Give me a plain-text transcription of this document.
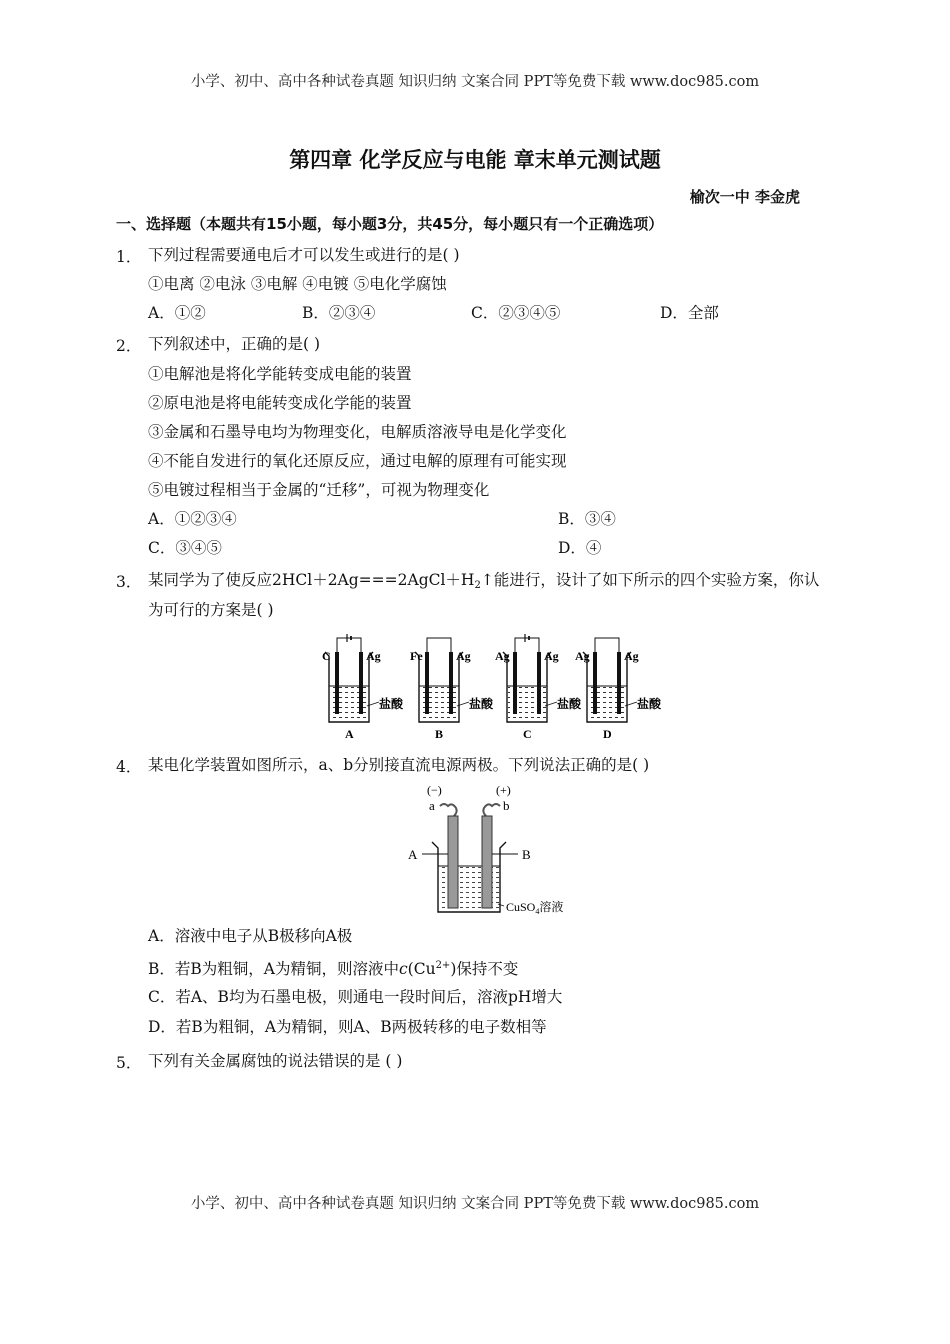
小学、初中、高中各种试卷真题 知识归纳 文案合同 PPT等免费下载 www.doc985.com
第四章 化学反应与电能 章末单元测试题
榆次一中 李金虎
一、选择题（本题共有15小题，每小题3分，共45分，每小题只有一个正确选项）
1． 下列过程需要通电后才可以发生或进行的是( )
①电离 ②电泳 ③电解 ④电镀 ⑤电化学腐蚀
A．①②	B．②③④	C．②③④⑤	D．全部
2． 下列叙述中，正确的是( )
①电解池是将化学能转变成电能的装置
②原电池是将电能转变成化学能的装置
③金属和石墨导电均为物理变化，电解质溶液导电是化学变化
④不能自发进行的氧化还原反应，通过电解的原理有可能实现
⑤电镀过程相当于金属的“迁移”，可视为物理变化
A．①②③④	B．③④
C．③④⑤	D．④
3． 某同学为了使反应$2HCl+2Ag===2AgCl+H_2↑$能进行，设计了如下所示的四个实验方案，你认
为可行的方案是( )
C	Ag
盐酸
A
Fe	Ag
盐酸
B
Ag	Ag
盐酸
C
Ag	Ag
盐酸
D
4． 某电化学装置如图所示，a、b分别接直流电源两极。下列说法正确的是( )
(−)	(+)
a	b
A	B
CuSO$_4$溶液
A．溶液中电子从B极移向A极
B．若B为粗铜，A为精铜，则溶液中$c(Cu^{2+})$保持不变
C．若A、B均为石墨电极，则通电一段时间后，溶液pH增大
D．若B为粗铜，A为精铜，则A、B两极转移的电子数相等
5． 下列有关金属腐蚀的说法错误的是 ( )
小学、初中、高中各种试卷真题 知识归纳 文案合同 PPT等免费下载 www.doc985.com
